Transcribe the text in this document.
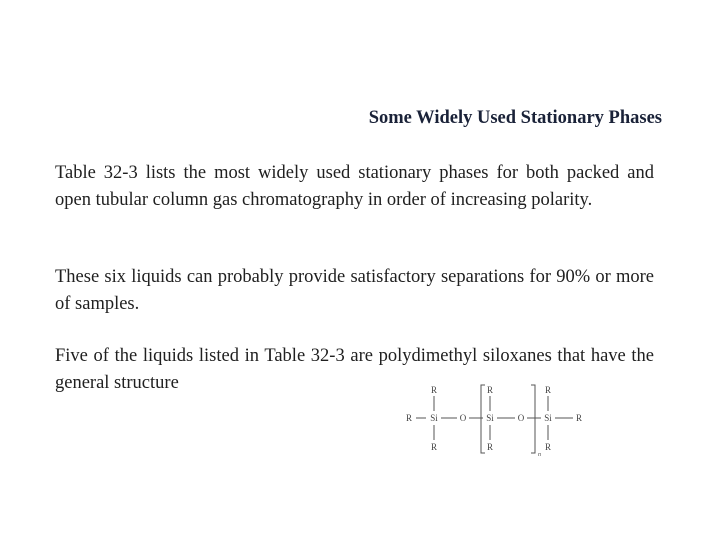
Some Widely Used Stationary Phases
Table 32-3 lists the most widely used stationary phases for both packed and open tubular column gas chromatography in order of increasing polarity.
These six liquids can probably provide satisfactory separations for 90% or more of samples.
Five of the liquids listed in Table 32-3 are polydimethyl siloxanes that have the general structure
R
R
Si
R
O
R
Si
R
O
R
Si
R
R
n
